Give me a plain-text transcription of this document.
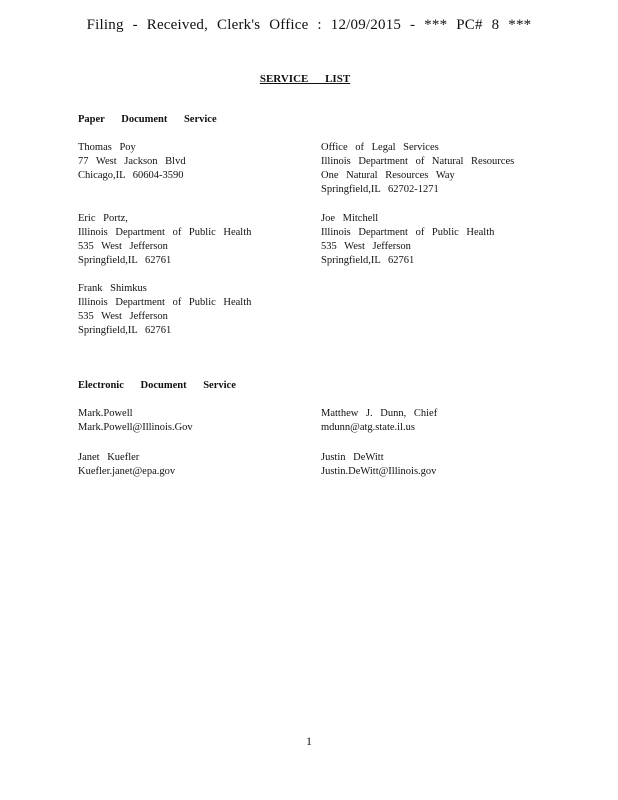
Filing - Received, Clerk's Office : 12/09/2015 - *** PC# 8 ***
SERVICE LIST
Paper Document Service
Thomas Poy
77 West Jackson Blvd
Chicago,IL 60604-3590
Eric Portz,
Illinois Department of Public Health
535 West Jefferson
Springfield,IL 62761
Frank Shimkus
Illinois Department of Public Health
535 West Jefferson
Springfield,IL 62761
Office of Legal Services
Illinois Department of Natural Resources
One Natural Resources Way
Springfield,IL 62702-1271
Joe Mitchell
Illinois Department of Public Health
535 West Jefferson
Springfield,IL 62761
Electronic Document Service
Mark.Powell
Mark.Powell@Illinois.Gov
Janet Kuefler
Kuefler.janet@epa.gov
Matthew J. Dunn, Chief
mdunn@atg.state.il.us
Justin DeWitt
Justin.DeWitt@Illinois.gov
1
